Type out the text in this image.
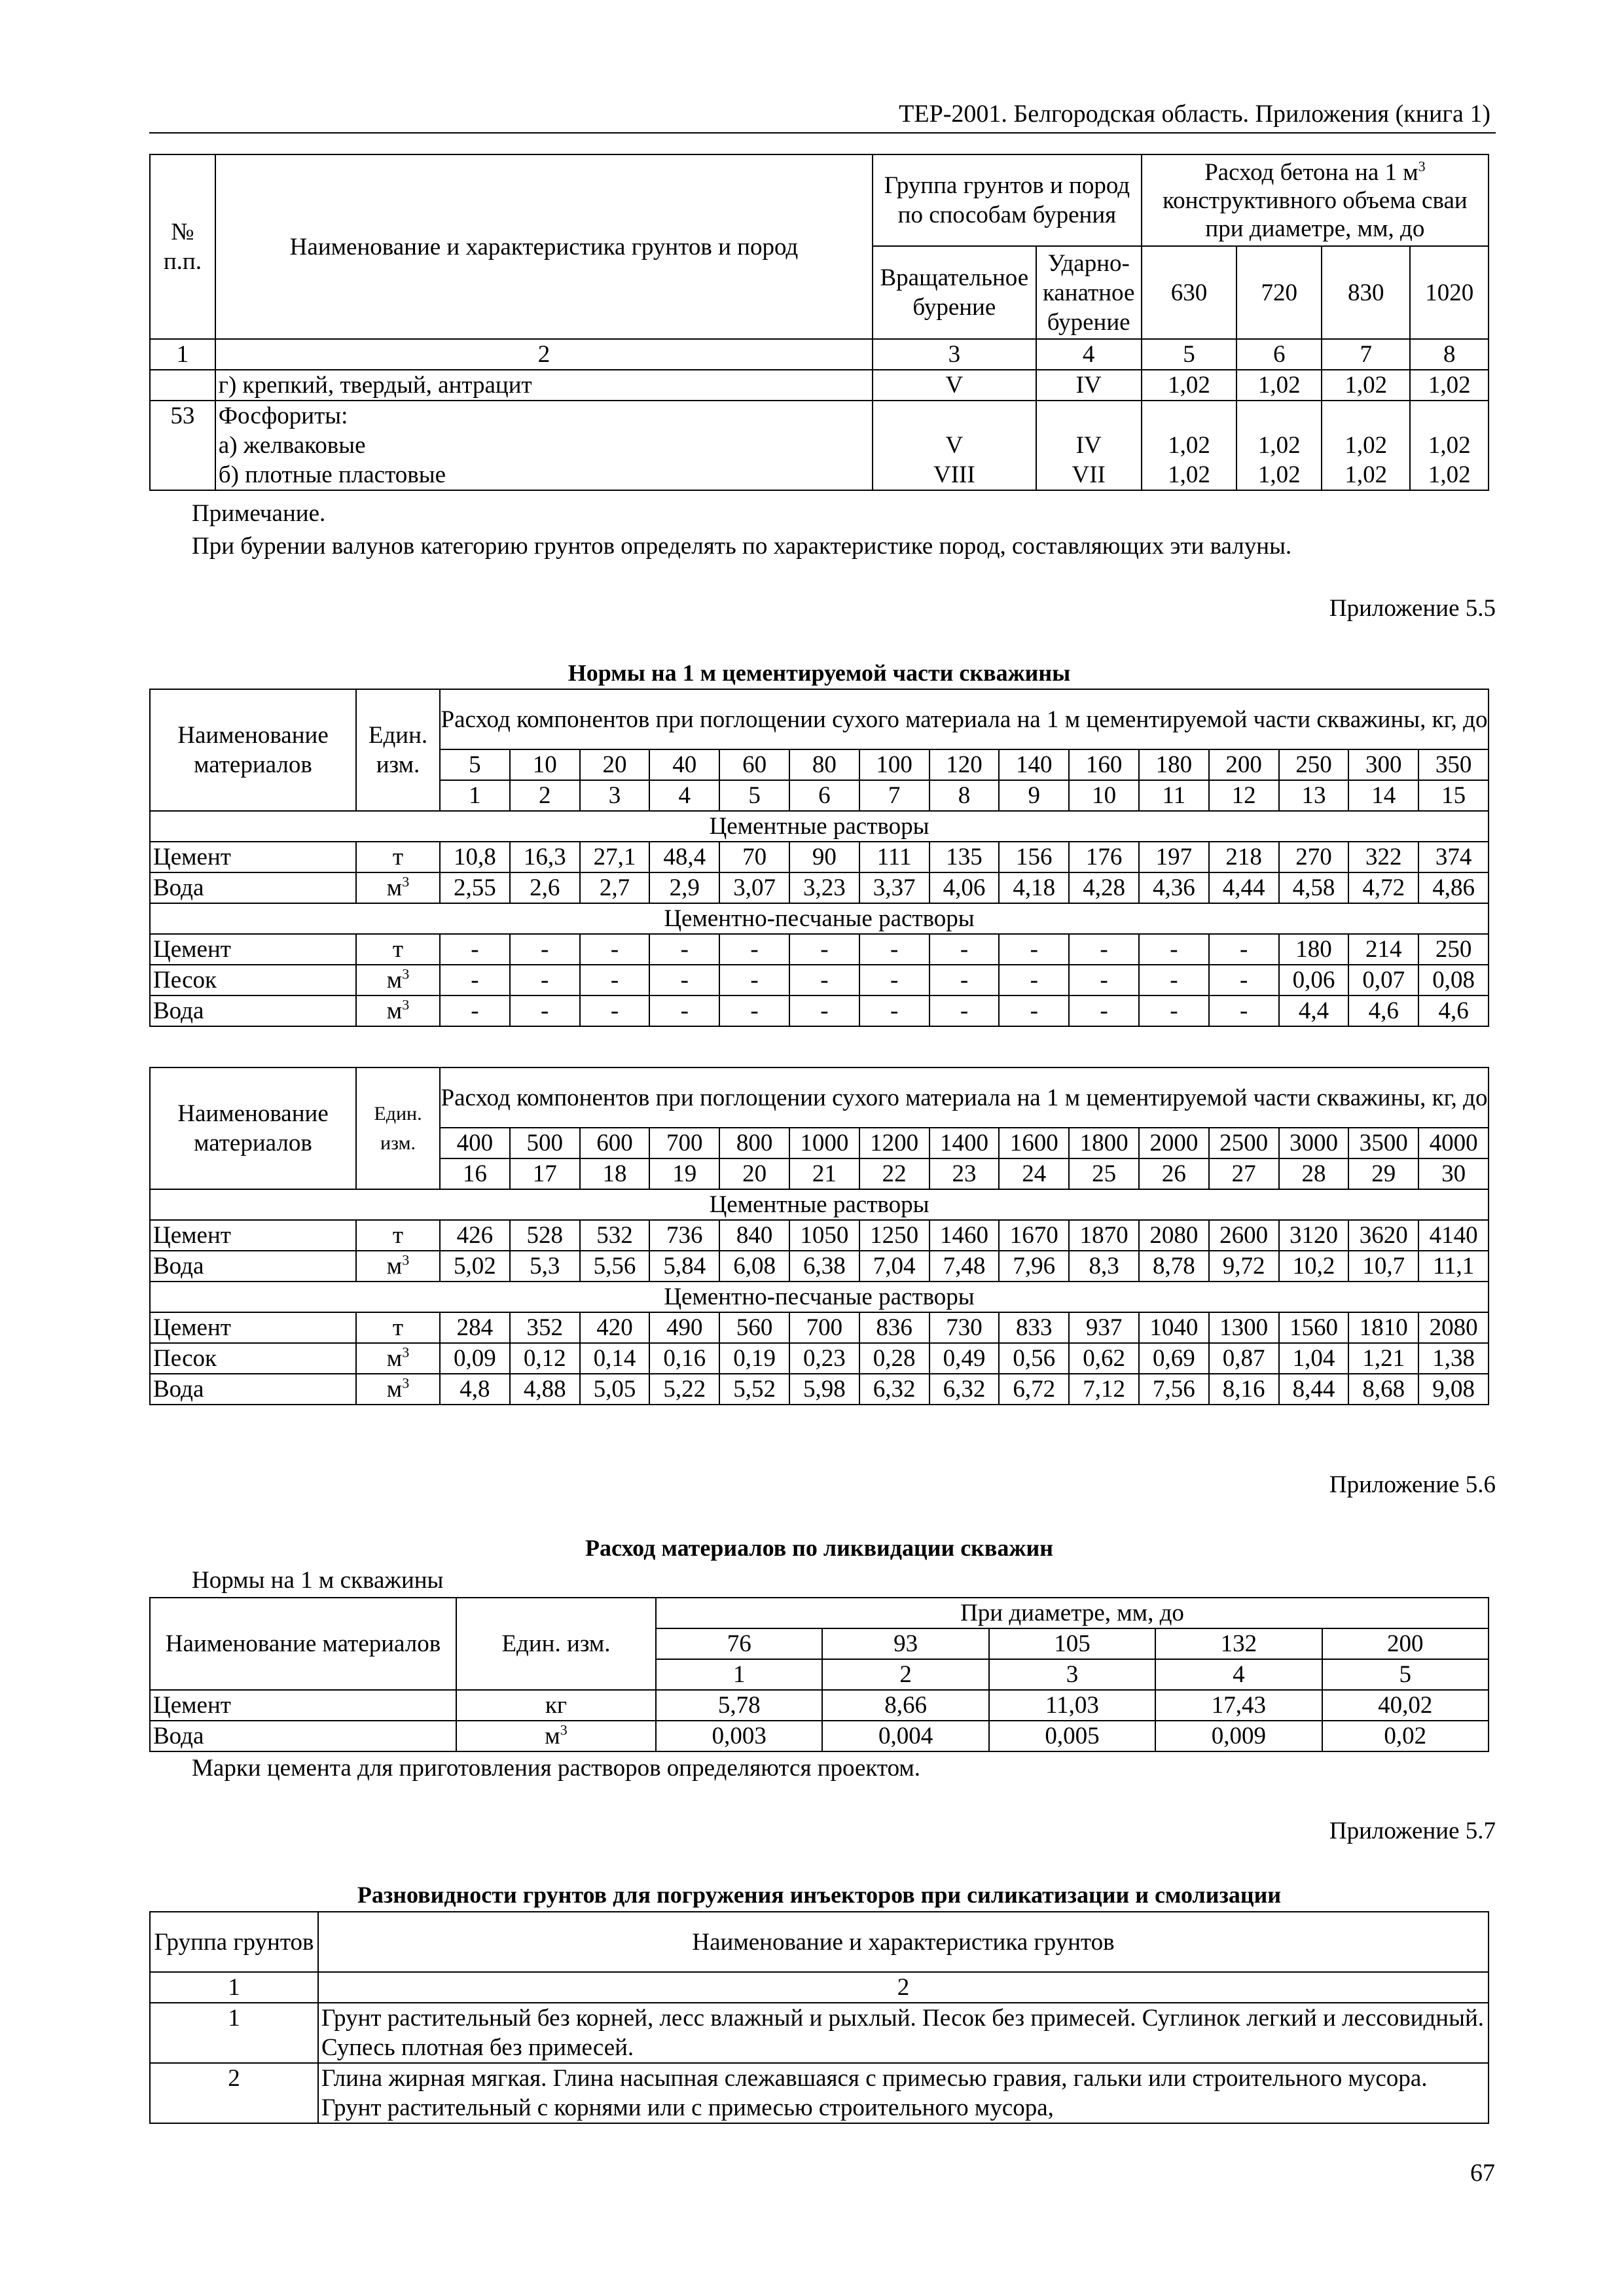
ТЕР-2001. Белгородская область. Приложения (книга 1)
№ п.п.	Наименование и характеристика грунтов и пород	Группа грунтов и пород по способам бурения		Расход бетона на 1 $м^3$ конструктивного объема сваи при диаметре, мм, до			
		Вращательное бурение	Ударно-канатное бурение	630	720	830	1020
1	2	3	4	5	6	7	8
	г) крепкий, твердый, антрацит	V	IV	1,02	1,02	1,02	1,02
53	Фосфориты:						
	а) желваковые	V	IV	1,02	1,02	1,02	1,02
	б) плотные пластовые	VIII	VII	1,02	1,02	1,02	1,02
Примечание.
При бурении валунов категорию грунтов определять по характеристике пород, составляющих эти валуны.
Приложение 5.5
Нормы на 1 м цементируемой части скважины
Наименование материалов	Един. изм.	Расход компонентов при поглощении сухого материала на 1 м цементируемой части скважины, кг, до														
		5	10	20	40	60	80	100	120	140	160	180	200	250	300	350
		1	2	3	4	5	6	7	8	9	10	11	12	13	14	15
Цементные растворы																
Цемент	т	10,8	16,3	27,1	48,4	70	90	111	135	156	176	197	218	270	322	374
Вода	$м^3$	2,55	2,6	2,7	2,9	3,07	3,23	3,37	4,06	4,18	4,28	4,36	4,44	4,58	4,72	4,86
Цементно-песчаные растворы																
Цемент	т	-	-	-	-	-	-	-	-	-	-	-	-	180	214	250
Песок	$м^3$	-	-	-	-	-	-	-	-	-	-	-	-	0,06	0,07	0,08
Вода	$м^3$	-	-	-	-	-	-	-	-	-	-	-	-	4,4	4,6	4,6
Наименование материалов	Един. изм.	Расход компонентов при поглощении сухого материала на 1 м цементируемой части скважины, кг, до														
		400	500	600	700	800	1000	1200	1400	1600	1800	2000	2500	3000	3500	4000
		16	17	18	19	20	21	22	23	24	25	26	27	28	29	30
Цементные растворы																
Цемент	т	426	528	532	736	840	1050	1250	1460	1670	1870	2080	2600	3120	3620	4140
Вода	$м^3$	5,02	5,3	5,56	5,84	6,08	6,38	7,04	7,48	7,96	8,3	8,78	9,72	10,2	10,7	11,1
Цементно-песчаные растворы																
Цемент	т	284	352	420	490	560	700	836	730	833	937	1040	1300	1560	1810	2080
Песок	$м^3$	0,09	0,12	0,14	0,16	0,19	0,23	0,28	0,49	0,56	0,62	0,69	0,87	1,04	1,21	1,38
Вода	$м^3$	4,8	4,88	5,05	5,22	5,52	5,98	6,32	6,32	6,72	7,12	7,56	8,16	8,44	8,68	9,08
Приложение 5.6
Расход материалов по ликвидации скважин
Нормы на 1 м скважины
Наименование материалов	Един. изм.	При диаметре, мм, до				
		76	93	105	132	200
		1	2	3	4	5
Цемент	кг	5,78	8,66	11,03	17,43	40,02
Вода	$м^3$	0,003	0,004	0,005	0,009	0,02
Марки цемента для приготовления растворов определяются проектом.
Приложение 5.7
Разновидности грунтов для погружения инъекторов при силикатизации и смолизации
Группа грунтов	Наименование и характеристика грунтов
1	2
1	Грунт растительный без корней, лесс влажный и рыхлый. Песок без примесей. Суглинок легкий и лессовидный. Супесь плотная без примесей.
2	Глина жирная мягкая. Глина насыпная слежавшаяся с примесью гравия, гальки или строительного мусора. Грунт растительный с корнями или с примесью строительного мусора,
67
